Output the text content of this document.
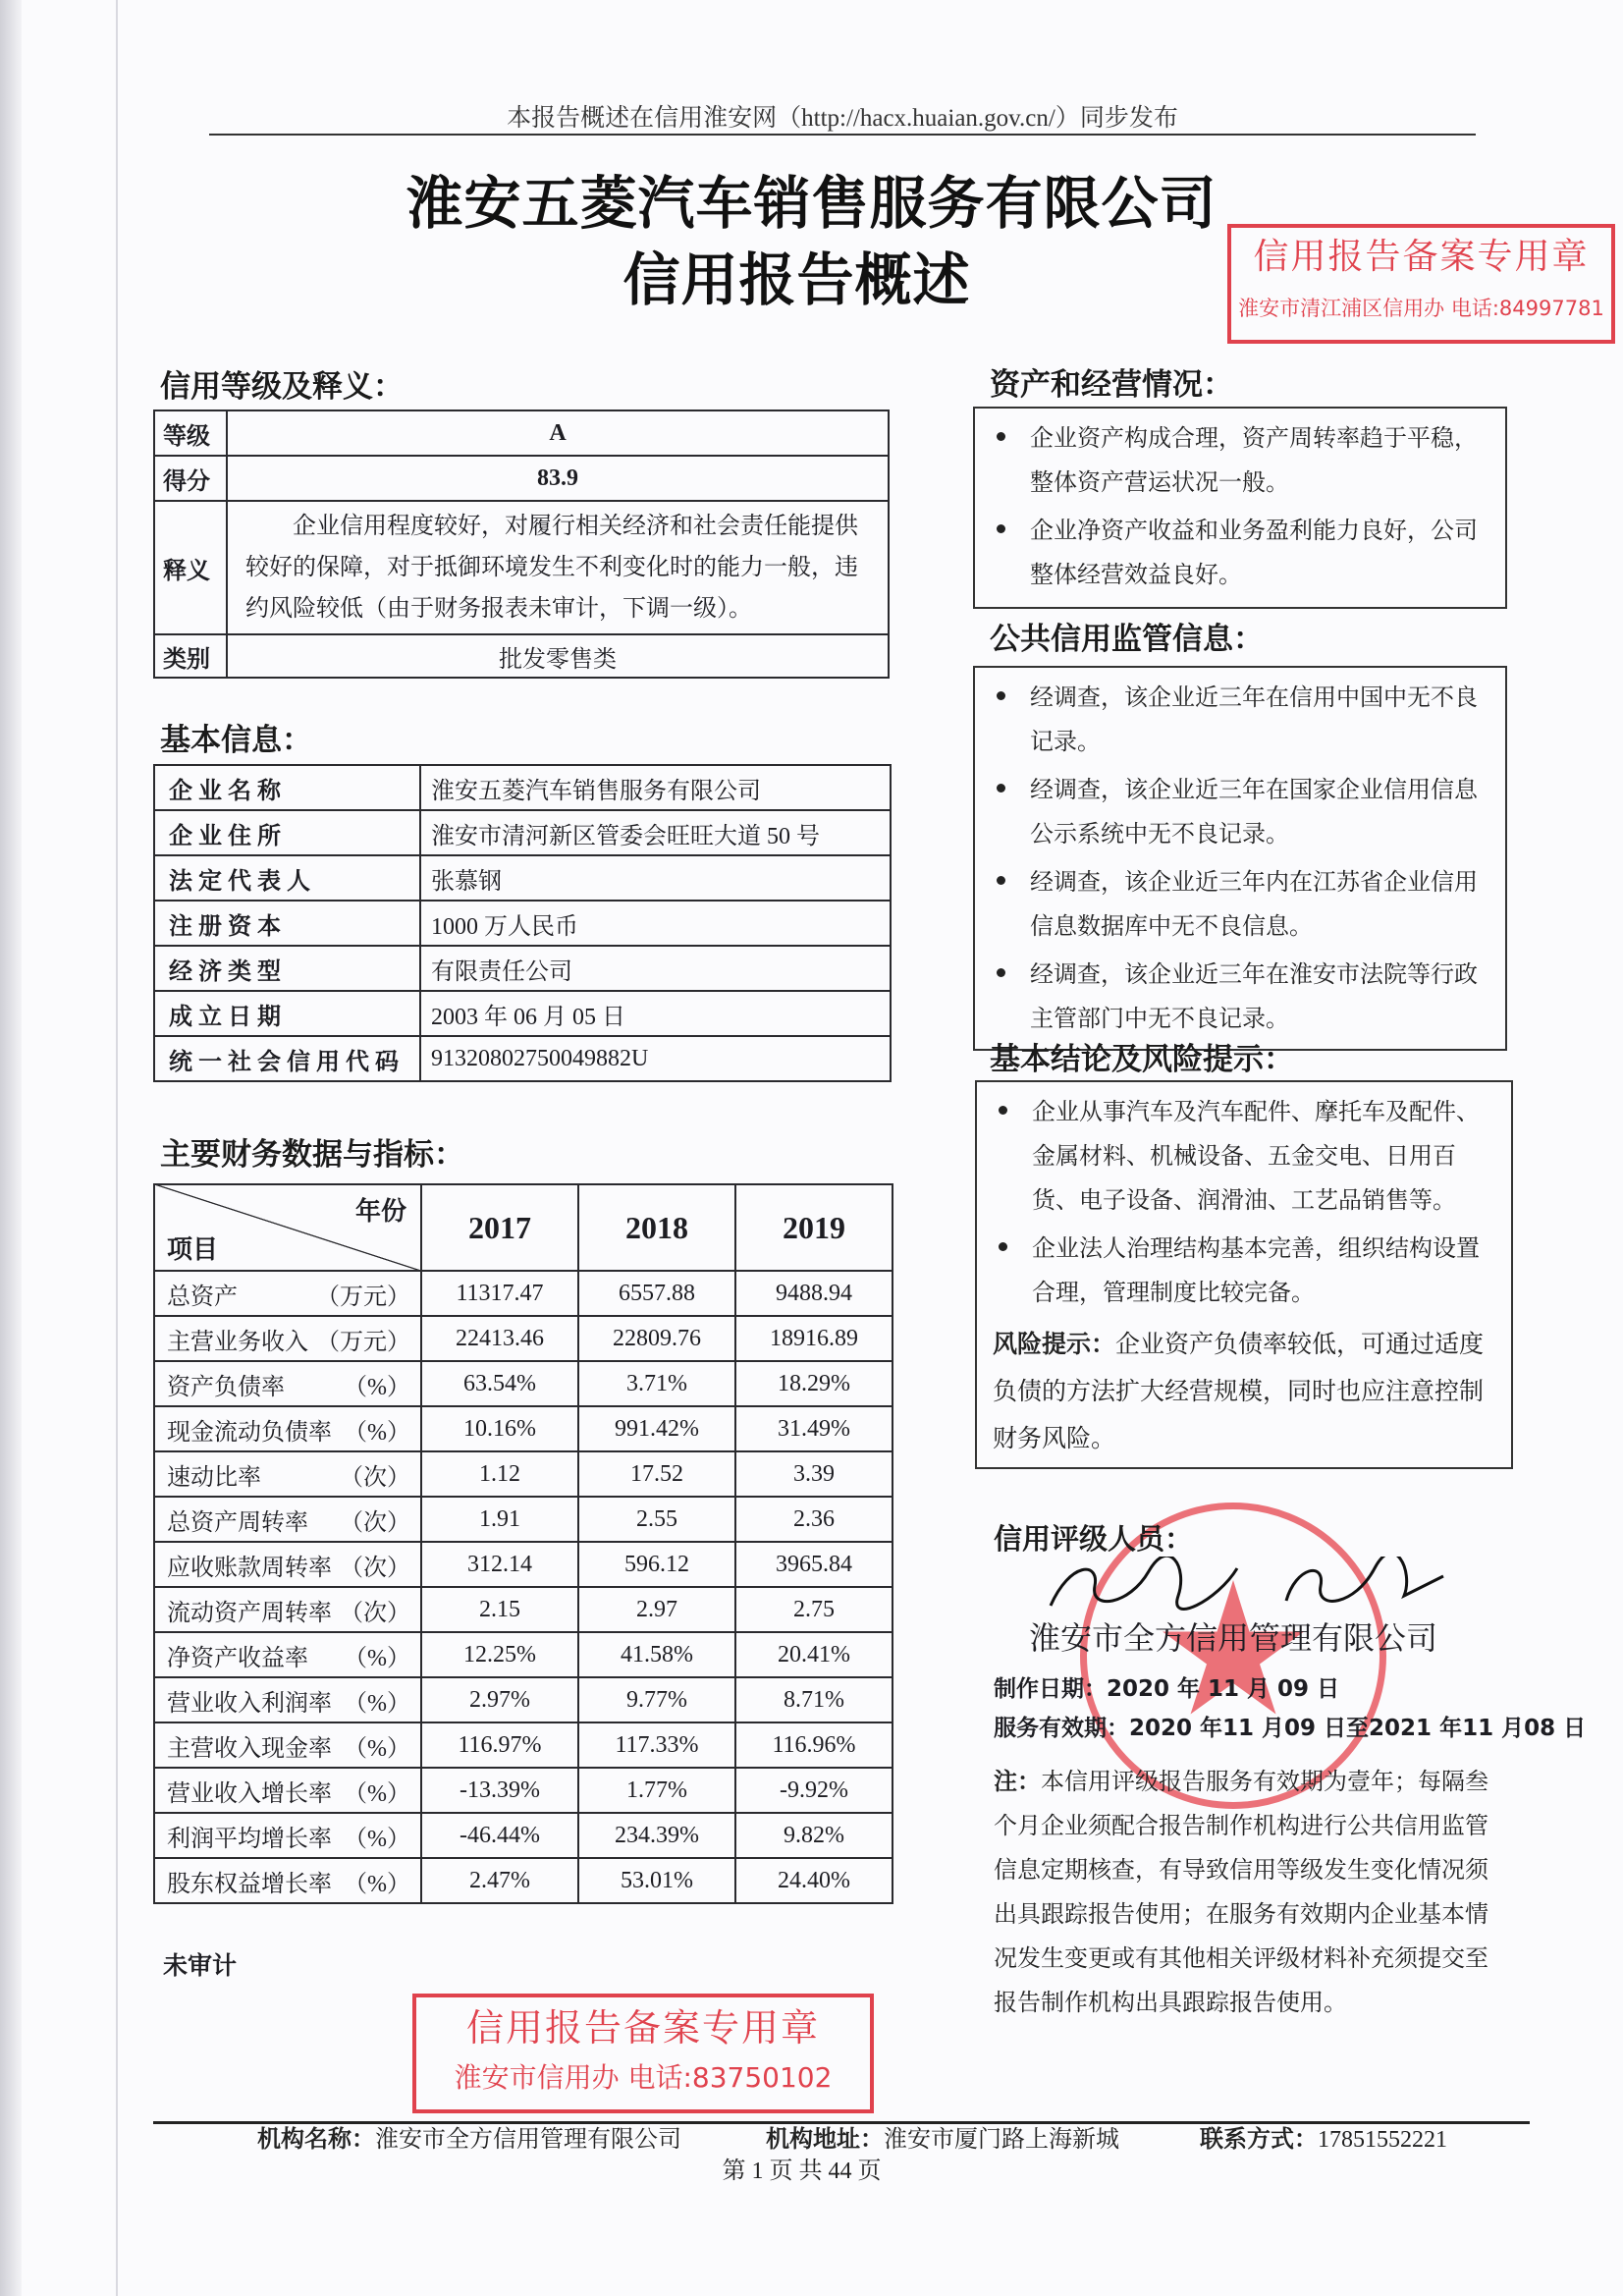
本报告概述在信用淮安网（http://hacx.huaian.gov.cn/）同步发布
淮安五菱汽车销售服务有限公司
信用报告概述
信用等级及释义：
等级	A
得分	83.9
释义	企业信用程度较好，对履行相关经济和社会责任能提供较好的保障，对于抵御环境发生不利变化时的能力一般，违约风险较低（由于财务报表未审计，下调一级）。
类别	批发零售类
基本信息：
企业名称	淮安五菱汽车销售服务有限公司
企业住所	淮安市清河新区管委会旺旺大道 50 号
法定代表人	张慕钢
注册资本	1000 万人民币
经济类型	有限责任公司
成立日期	2003 年 06 月 05 日
统一社会信用代码	91320802750049882U
主要财务数据与指标：
年份
项目	2017	2018	2019
总资产 （万元）	11317.47	6557.88	9488.94
主营业务收入 （万元）	22413.46	22809.76	18916.89
资产负债率 （%）	63.54%	3.71%	18.29%
现金流动负债率 （%）	10.16%	991.42%	31.49%
速动比率 （次）	1.12	17.52	3.39
总资产周转率 （次）	1.91	2.55	2.36
应收账款周转率 （次）	312.14	596.12	3965.84
流动资产周转率 （次）	2.15	2.97	2.75
净资产收益率 （%）	12.25%	41.58%	20.41%
营业收入利润率 （%）	2.97%	9.77%	8.71%
主营收入现金率 （%）	116.97%	117.33%	116.96%
营业收入增长率 （%）	-13.39%	1.77%	-9.92%
利润平均增长率 （%）	-46.44%	234.39%	9.82%
股东权益增长率 （%）	2.47%	53.01%	24.40%
未审计
信用报告备案专用章
淮安市信用办 电话:83750102
信用报告备案专用章
淮安市清江浦区信用办 电话:84997781
资产和经营情况：
企业资产构成合理，资产周转率趋于平稳，整体资产营运状况一般。
企业净资产收益和业务盈利能力良好，公司整体经营效益良好。
公共信用监管信息：
经调查，该企业近三年在信用中国中无不良记录。
经调查，该企业近三年在国家企业信用信息公示系统中无不良记录。
经调查，该企业近三年内在江苏省企业信用信息数据库中无不良信息。
经调查，该企业近三年在淮安市法院等行政主管部门中无不良记录。
基本结论及风险提示：
企业从事汽车及汽车配件、摩托车及配件、金属材料、机械设备、五金交电、日用百货、电子设备、润滑油、工艺品销售等。
企业法人治理结构基本完善，组织结构设置合理，管理制度比较完备。
风险提示：企业资产负债率较低，可通过适度负债的方法扩大经营规模，同时也应注意控制财务风险。
信用评级人员：
淮安市全方信用管理有限公司
制作日期：2020 年 11 月 09 日
服务有效期：2020 年11 月09 日至2021 年11 月08 日
注：本信用评级报告服务有效期为壹年；每隔叁个月企业须配合报告制作机构进行公共信用监管信息定期核查，有导致信用等级发生变化情况须出具跟踪报告使用；在服务有效期内企业基本情况发生变更或有其他相关评级材料补充须提交至报告制作机构出具跟踪报告使用。
机构名称：淮安市全方信用管理有限公司	机构地址：淮安市厦门路上海新城	联系方式：17851552221
第 1 页 共 44 页
